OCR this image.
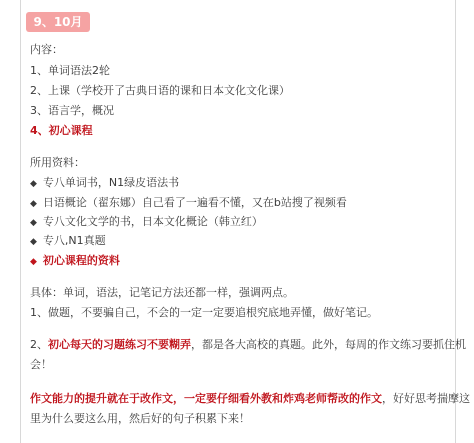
9、10月
内容：
1、单词语法2轮
2、上课（学校开了古典日语的课和日本文化文化课）
3、语言学，概况
4、初心课程
所用资料：
◆ 专八单词书，N1绿皮语法书
◆ 日语概论（翟东娜）自己看了一遍看不懂，又在b站搜了视频看
◆ 专八文化文学的书，日本文化概论（韩立红）
◆ 专八,N1真题
◆ 初心课程的资料
具体：单词，语法，记笔记方法还都一样，强调两点。
1、做题，不要骗自己，不会的一定一定要追根究底地弄懂，做好笔记。
2、初心每天的习题练习不要糊弄，都是各大高校的真题。此外，每周的作文练习要抓住机
会！
作文能力的提升就在于改作文，一定要仔细看外教和炸鸡老师帮改的作文，好好思考揣摩这
里为什么要这么用，然后好的句子积累下来！
